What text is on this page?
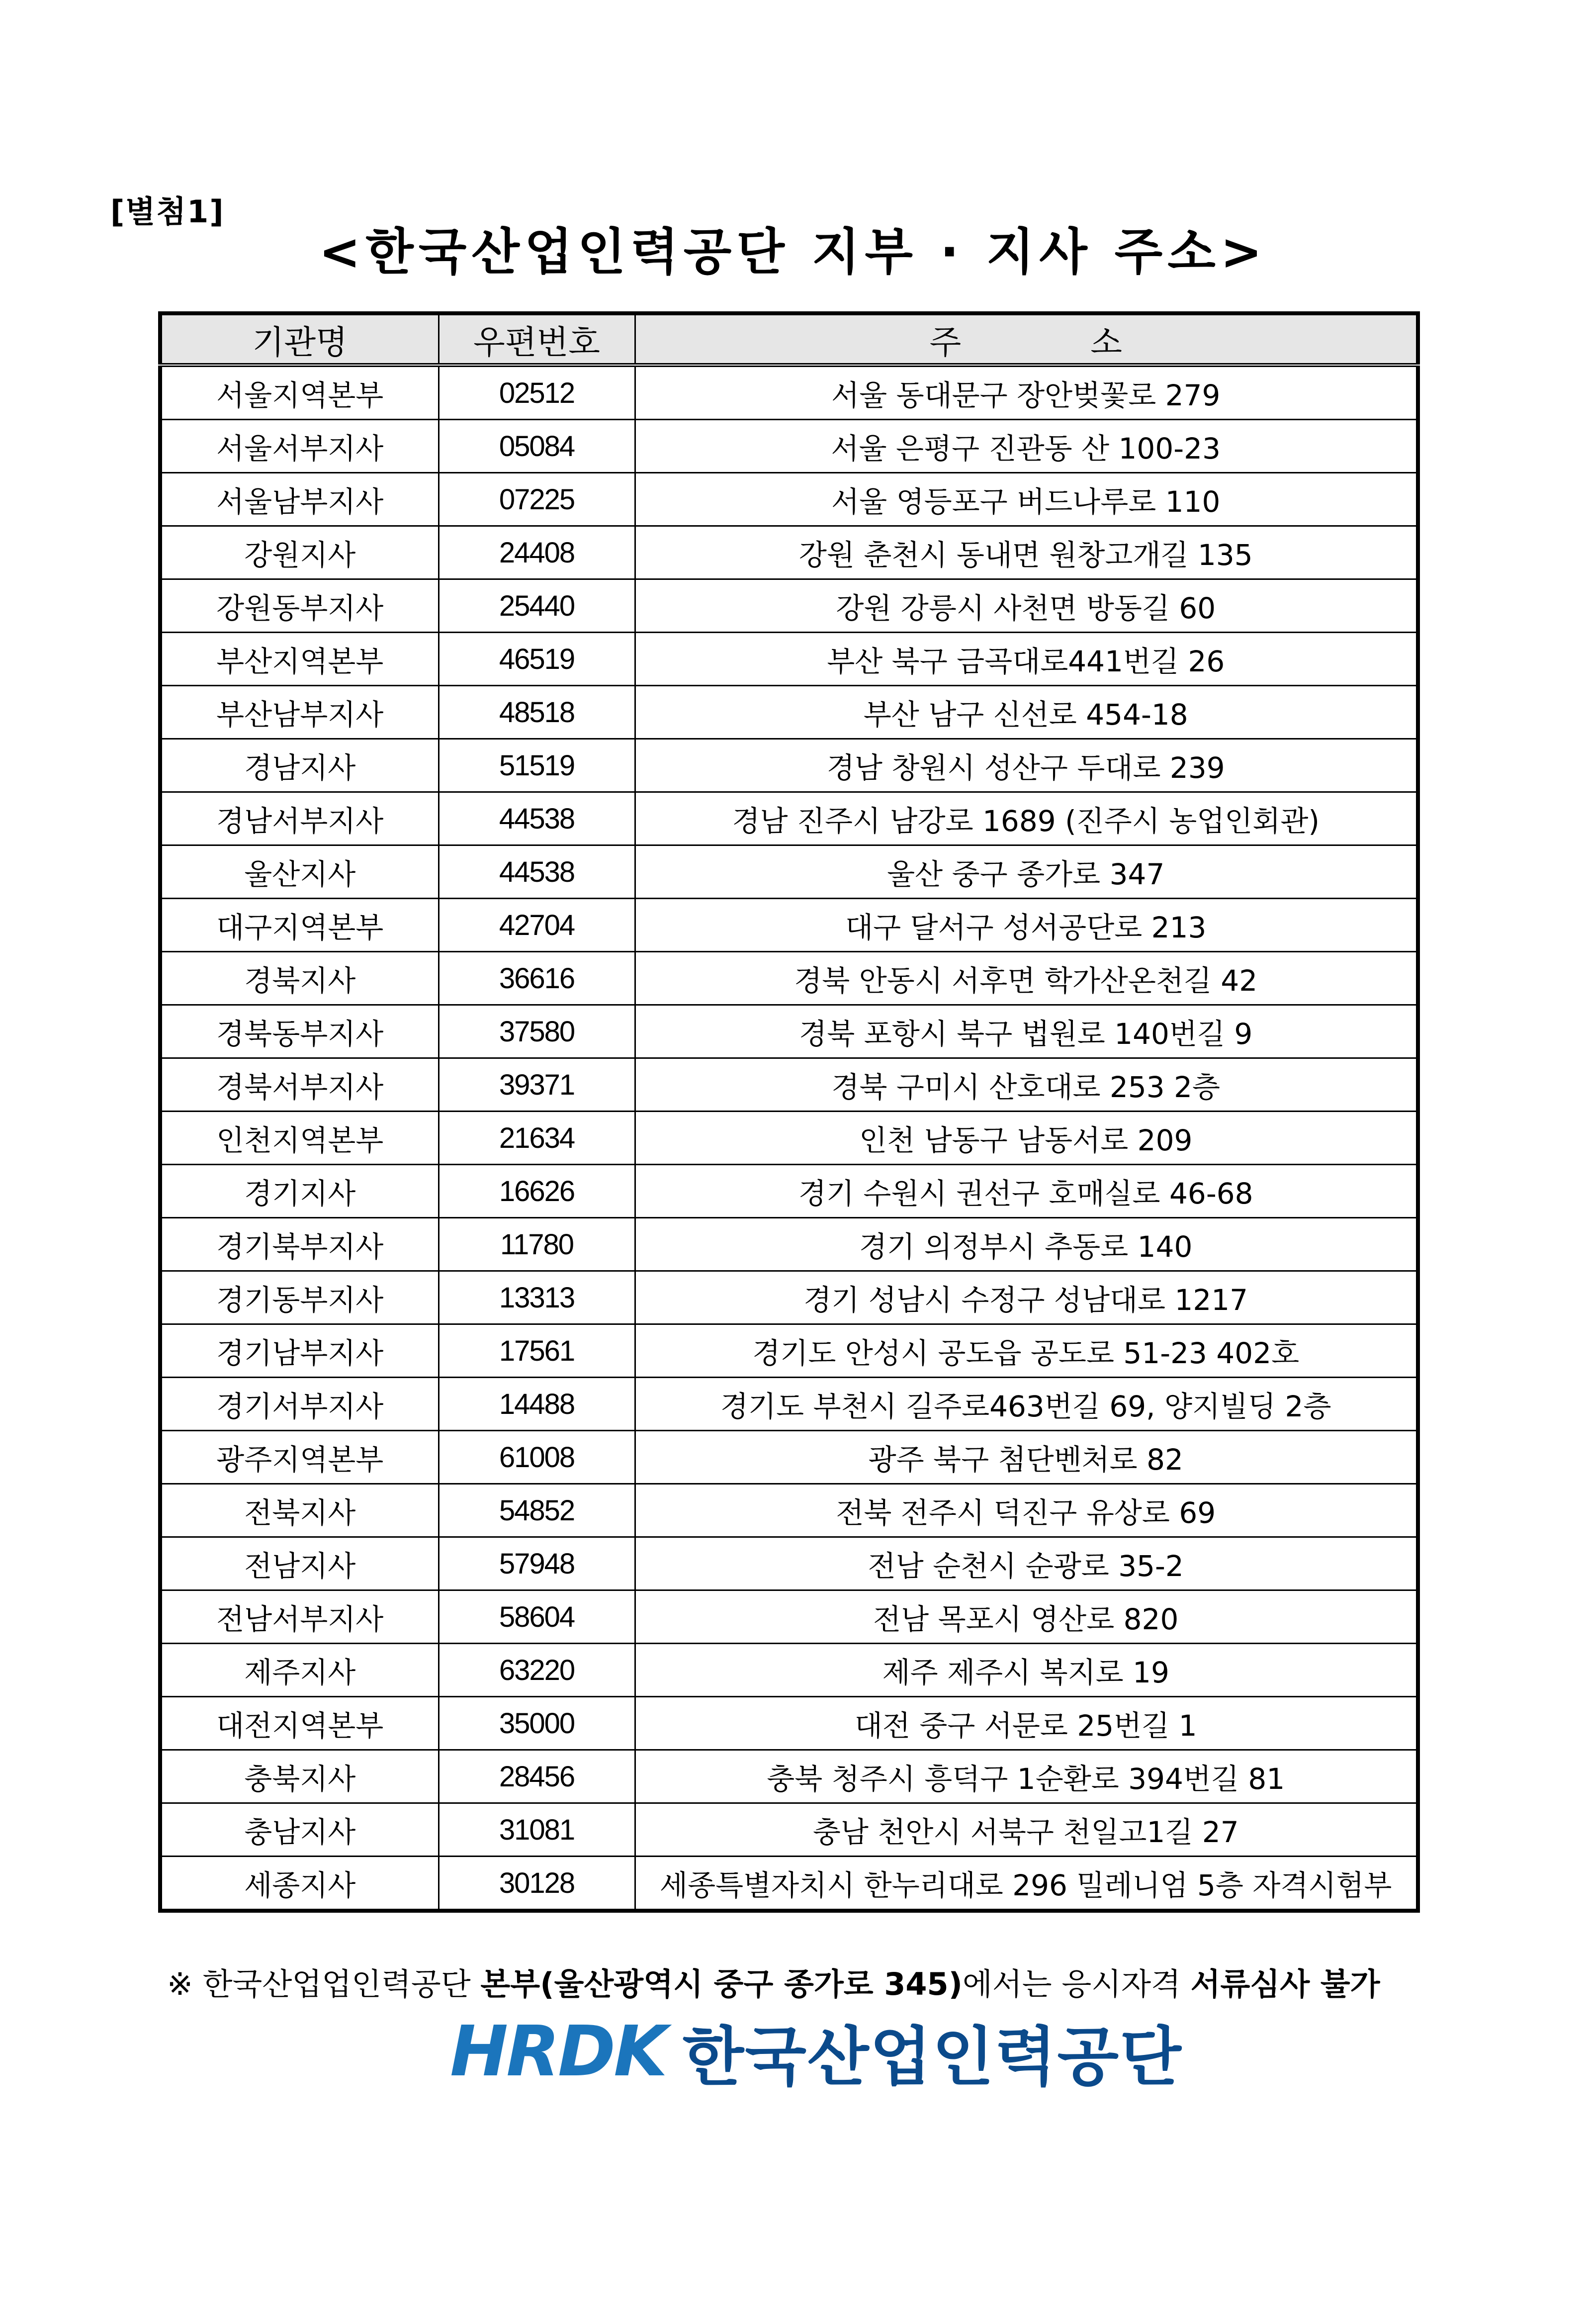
[별첨1]
<한국산업인력공단 지부 · 지사 주소>
기관명	우편번호	주소
서울지역본부	02512	서울 동대문구 장안벚꽃로 279
서울서부지사	05084	서울 은평구 진관동 산 100-23
서울남부지사	07225	서울 영등포구 버드나루로 110
강원지사	24408	강원 춘천시 동내면 원창고개길 135
강원동부지사	25440	강원 강릉시 사천면 방동길 60
부산지역본부	46519	부산 북구 금곡대로441번길 26
부산남부지사	48518	부산 남구 신선로 454-18
경남지사	51519	경남 창원시 성산구 두대로 239
경남서부지사	44538	경남 진주시 남강로 1689 (진주시 농업인회관)
울산지사	44538	울산 중구 종가로 347
대구지역본부	42704	대구 달서구 성서공단로 213
경북지사	36616	경북 안동시 서후면 학가산온천길 42
경북동부지사	37580	경북 포항시 북구 법원로 140번길 9
경북서부지사	39371	경북 구미시 산호대로 253 2층
인천지역본부	21634	인천 남동구 남동서로 209
경기지사	16626	경기 수원시 권선구 호매실로 46-68
경기북부지사	11780	경기 의정부시 추동로 140
경기동부지사	13313	경기 성남시 수정구 성남대로 1217
경기남부지사	17561	경기도 안성시 공도읍 공도로 51-23 402호
경기서부지사	14488	경기도 부천시 길주로463번길 69, 양지빌딩 2층
광주지역본부	61008	광주 북구 첨단벤처로 82
전북지사	54852	전북 전주시 덕진구 유상로 69
전남지사	57948	전남 순천시 순광로 35-2
전남서부지사	58604	전남 목포시 영산로 820
제주지사	63220	제주 제주시 복지로 19
대전지역본부	35000	대전 중구 서문로 25번길 1
충북지사	28456	충북 청주시 흥덕구 1순환로 394번길 81
충남지사	31081	충남 천안시 서북구 천일고1길 27
세종지사	30128	세종특별자치시 한누리대로 296 밀레니엄 5층 자격시험부
※ 한국산업업인력공단 본부(울산광역시 중구 종가로 345)에서는 응시자격 서류심사 불가
HRDK 한국산업인력공단
